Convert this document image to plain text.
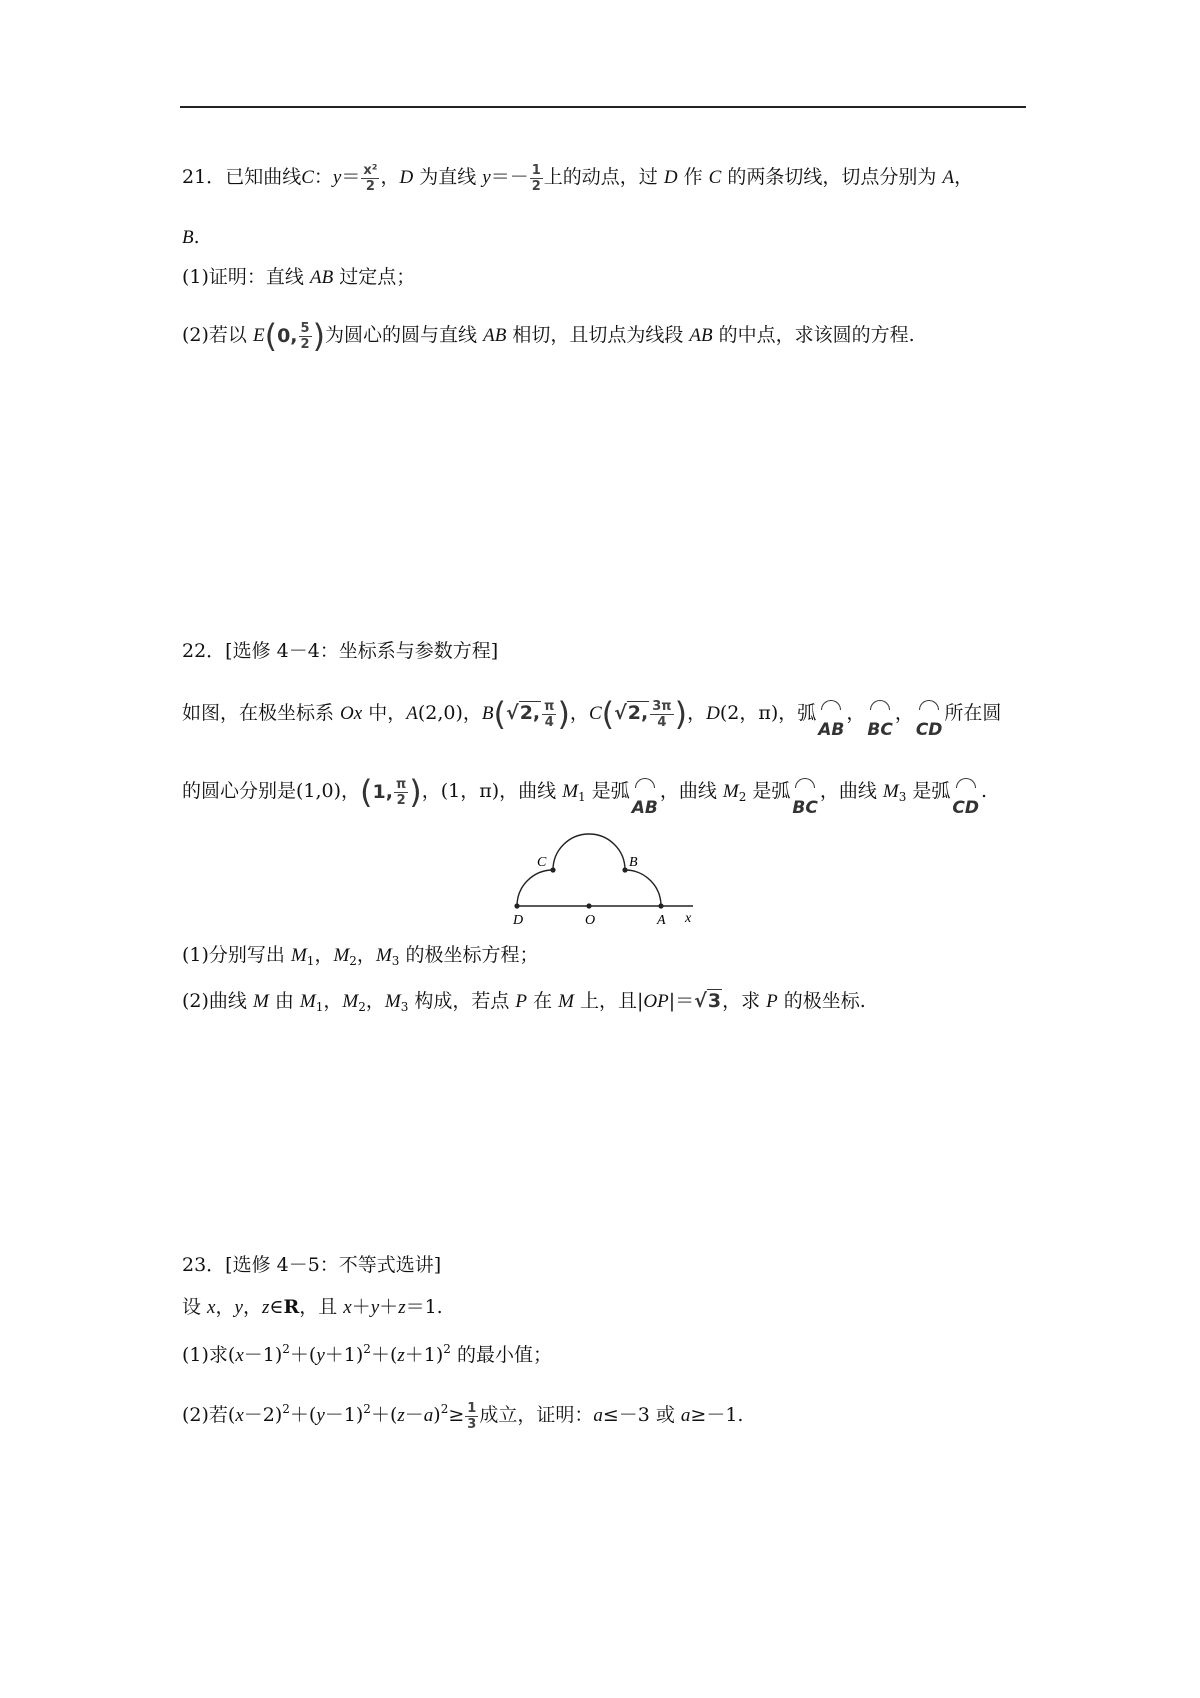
21．已知曲线C：$y= \frac{\text{x²}}{2}$ ，D 为直线 $y=- \frac{1}{2}$ 上的动点，过 D 作 C 的两条切线，切点分别为 A，
B.
(1)证明：直线 AB 过定点；
(2)若以 E(0, $\frac{5}{2}$ )为圆心的圆与直线 AB 相切，且切点为线段 AB 的中点，求该圆的方程.
22．[选修 4－4：坐标系与参数方程]
如图，在极坐标系 Ox 中，A(2,0)，B(√2, $\frac{\pi}{4}$ )，C(√2, $\frac{3\pi}{4}$ )，D(2，π)，弧
AB
，
BC
，
CD
所在圆
的圆心分别是(1,0)，(1, $\frac{\pi}{2}$ )，(1，π)，曲线 $M_1$ 是弧
AB
，曲线 $M_2$ 是弧
BC
，曲线 $M_3$ 是弧
CD
.
C	B
D	O	A x
(1)分别写出 $M_1$，$M_2$，$M_3$ 的极坐标方程；
(2)曲线 M 由 $M_1$，$M_2$，$M_3$ 构成，若点 P 在 M 上，且|OP|＝√3，求 P 的极坐标.
23．[选修 4－5：不等式选讲]
设 x，y，z∈R，且 x＋y＋z＝1.
(1)求$(x-1)^2+(y+1)^2+(z+1)^2$ 的最小值；
(2)若$(x-2)^2+(y-1)^2+(z-a)^2\ge \frac{1}{3}$ 成立，证明：a≤－3 或 a≥－1.
